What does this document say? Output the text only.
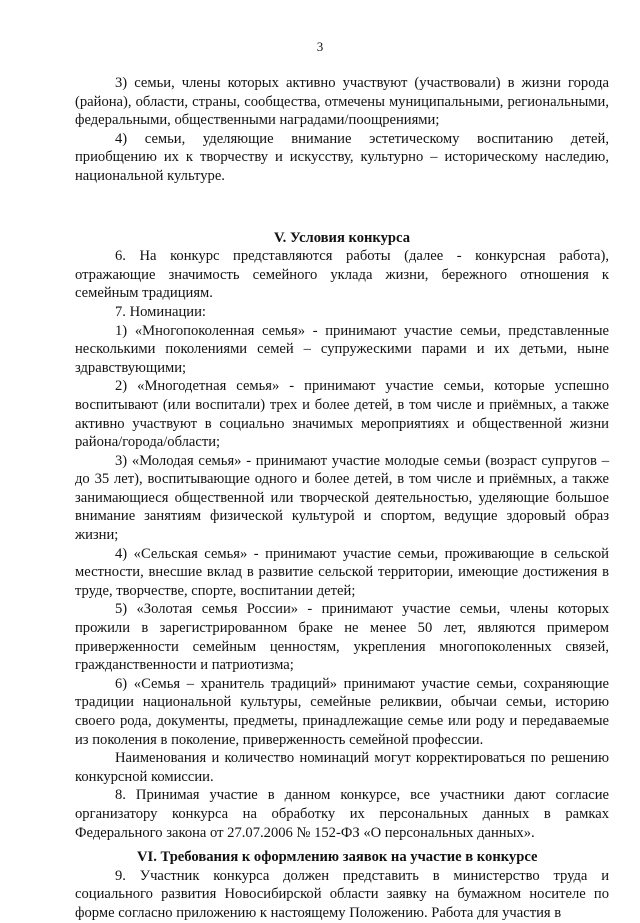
3

3) семьи, члены которых активно участвуют (участвовали) в жизни города (района), области, страны, сообщества, отмечены муниципальными, региональными, федеральными, общественными наградами/поощрениями;

4) семьи, уделяющие внимание эстетическому воспитанию детей, приобщению их к творчеству и искусству, культурно – историческому наследию, национальной культуре.

V. Условия конкурса

6. На конкурс представляются работы (далее - конкурсная работа), отражающие значимость семейного уклада жизни, бережного отношения к семейным традициям.

7. Номинации:

1) «Многопоколенная семья» - принимают участие семьи, представленные несколькими поколениями семей – супружескими парами и их детьми, ныне здравствующими;

2) «Многодетная семья» - принимают участие семьи, которые успешно воспитывают (или воспитали) трех и более детей, в том числе и приёмных, а также активно участвуют в социально значимых мероприятиях и общественной жизни района/города/области;

3) «Молодая семья» - принимают участие молодые семьи (возраст супругов – до 35 лет), воспитывающие одного и более детей, в том числе и приёмных, а также занимающиеся общественной или творческой деятельностью, уделяющие большое внимание занятиям физической культурой и спортом, ведущие здоровый образ жизни;

4) «Сельская семья» - принимают участие семьи, проживающие в сельской местности, внесшие вклад в развитие сельской территории, имеющие достижения в труде, творчестве, спорте, воспитании детей;

5) «Золотая семья России» - принимают участие семьи, члены которых прожили в зарегистрированном браке не менее 50 лет, являются примером приверженности семейным ценностям, укрепления многопоколенных связей, гражданственности и патриотизма;

6) «Семья – хранитель традиций» принимают участие семьи, сохраняющие традиции национальной культуры, семейные реликвии, обычаи семьи, историю своего рода, документы, предметы, принадлежащие семье или роду и передаваемые из поколения в поколение, приверженность семейной профессии.

Наименования и количество номинаций могут корректироваться по решению конкурсной комиссии.

8. Принимая участие в данном конкурсе, все участники дают согласие организатору конкурса на обработку их персональных данных в рамках Федерального закона от 27.07.2006 № 152-ФЗ «О персональных данных».

VI. Требования к оформлению заявок на участие в конкурсе

9. Участник конкурса должен представить в министерство труда и социального развития Новосибирской области заявку на бумажном носителе по форме согласно приложению к настоящему Положению. Работа для участия в
